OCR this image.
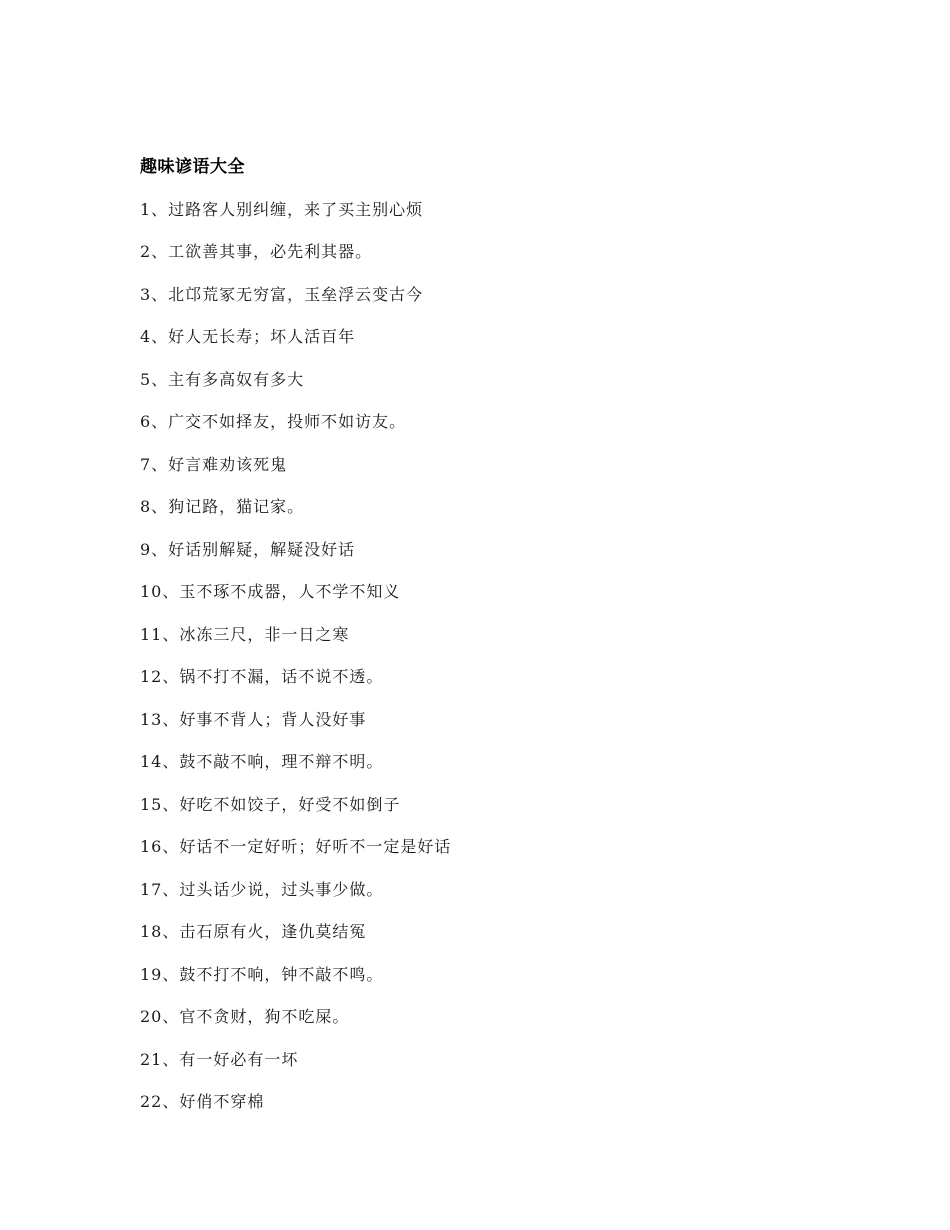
趣味谚语大全
1、过路客人别纠缠，来了买主别心烦
2、工欲善其事，必先利其器。
3、北邙荒冢无穷富，玉垒浮云变古今
4、好人无长寿；坏人活百年
5、主有多高奴有多大
6、广交不如择友，投师不如访友。
7、好言难劝该死鬼
8、狗记路，猫记家。
9、好话别解疑，解疑没好话
10、玉不琢不成器，人不学不知义
11、冰冻三尺，非一日之寒
12、锅不打不漏，话不说不透。
13、好事不背人；背人没好事
14、鼓不敲不响，理不辩不明。
15、好吃不如饺子，好受不如倒子
16、好话不一定好听；好听不一定是好话
17、过头话少说，过头事少做。
18、击石原有火，逢仇莫结冤
19、鼓不打不响，钟不敲不鸣。
20、官不贪财，狗不吃屎。
21、有一好必有一坏
22、好俏不穿棉
